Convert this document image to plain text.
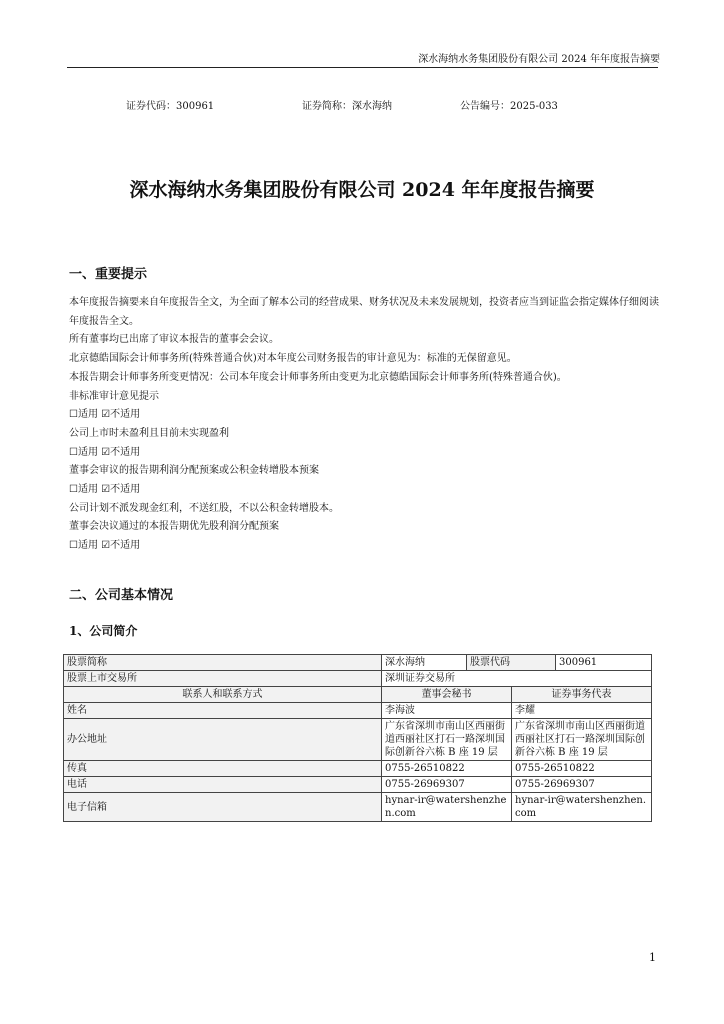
深水海纳水务集团股份有限公司 2024 年年度报告摘要
证券代码：300961	证券简称：深水海纳	公告编号：2025-033
深水海纳水务集团股份有限公司 2024 年年度报告摘要
一、重要提示

本年度报告摘要来自年度报告全文，为全面了解本公司的经营成果、财务状况及未来发展规划，投资者应当到证监会指定媒体仔细阅读年度报告全文。

所有董事均已出席了审议本报告的董事会会议。

北京德皓国际会计师事务所(特殊普通合伙)对本年度公司财务报告的审计意见为：标准的无保留意见。

本报告期会计师事务所变更情况：公司本年度会计师事务所由变更为北京德皓国际会计师事务所(特殊普通合伙)。

非标准审计意见提示

☐适用 ☑不适用

公司上市时未盈利且目前未实现盈利

☐适用 ☑不适用

董事会审议的报告期利润分配预案或公积金转增股本预案

☐适用 ☑不适用

公司计划不派发现金红利，不送红股，不以公积金转增股本。

董事会决议通过的本报告期优先股利润分配预案

☐适用 ☑不适用

二、公司基本情况
1、公司简介
股票简称	深水海纳	股票代码		300961
股票上市交易所	深圳证券交易所			
联系人和联系方式	董事会秘书		证券事务代表	
姓名	李海波		李耀	
办公地址	广东省深圳市南山区西丽街道西丽社区打石一路深圳国际创新谷六栋 B 座 19 层		广东省深圳市南山区西丽街道西丽社区打石一路深圳国际创新谷六栋 B 座 19 层	
传真	0755-26510822		0755-26510822	
电话	0755-26969307		0755-26969307	
电子信箱	hynar-ir@watershenzhen.com		hynar-ir@watershenzhen.com	
1
